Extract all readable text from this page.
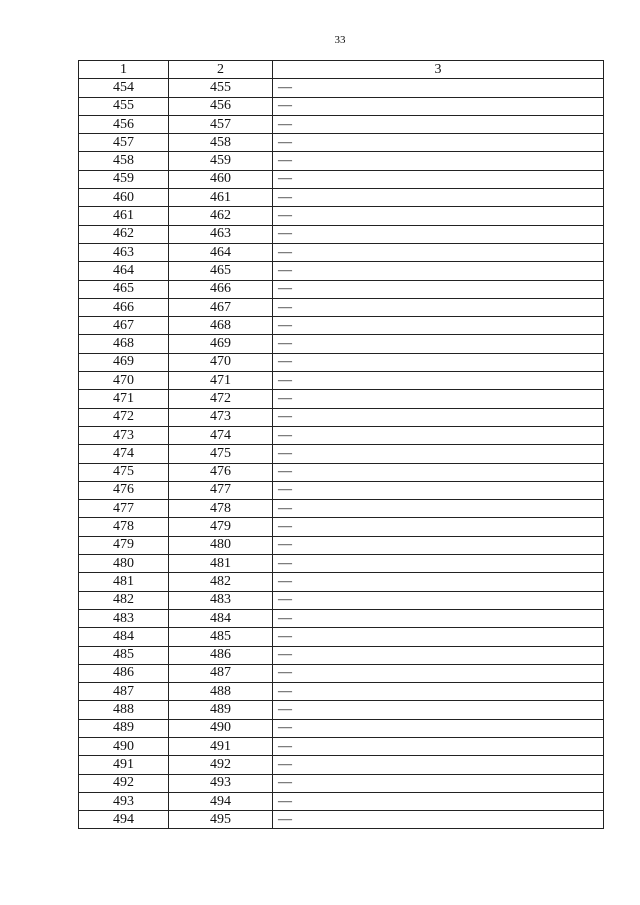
33
1	2	3
454	455	—
455	456	—
456	457	—
457	458	—
458	459	—
459	460	—
460	461	—
461	462	—
462	463	—
463	464	—
464	465	—
465	466	—
466	467	—
467	468	—
468	469	—
469	470	—
470	471	—
471	472	—
472	473	—
473	474	—
474	475	—
475	476	—
476	477	—
477	478	—
478	479	—
479	480	—
480	481	—
481	482	—
482	483	—
483	484	—
484	485	—
485	486	—
486	487	—
487	488	—
488	489	—
489	490	—
490	491	—
491	492	—
492	493	—
493	494	—
494	495	—
